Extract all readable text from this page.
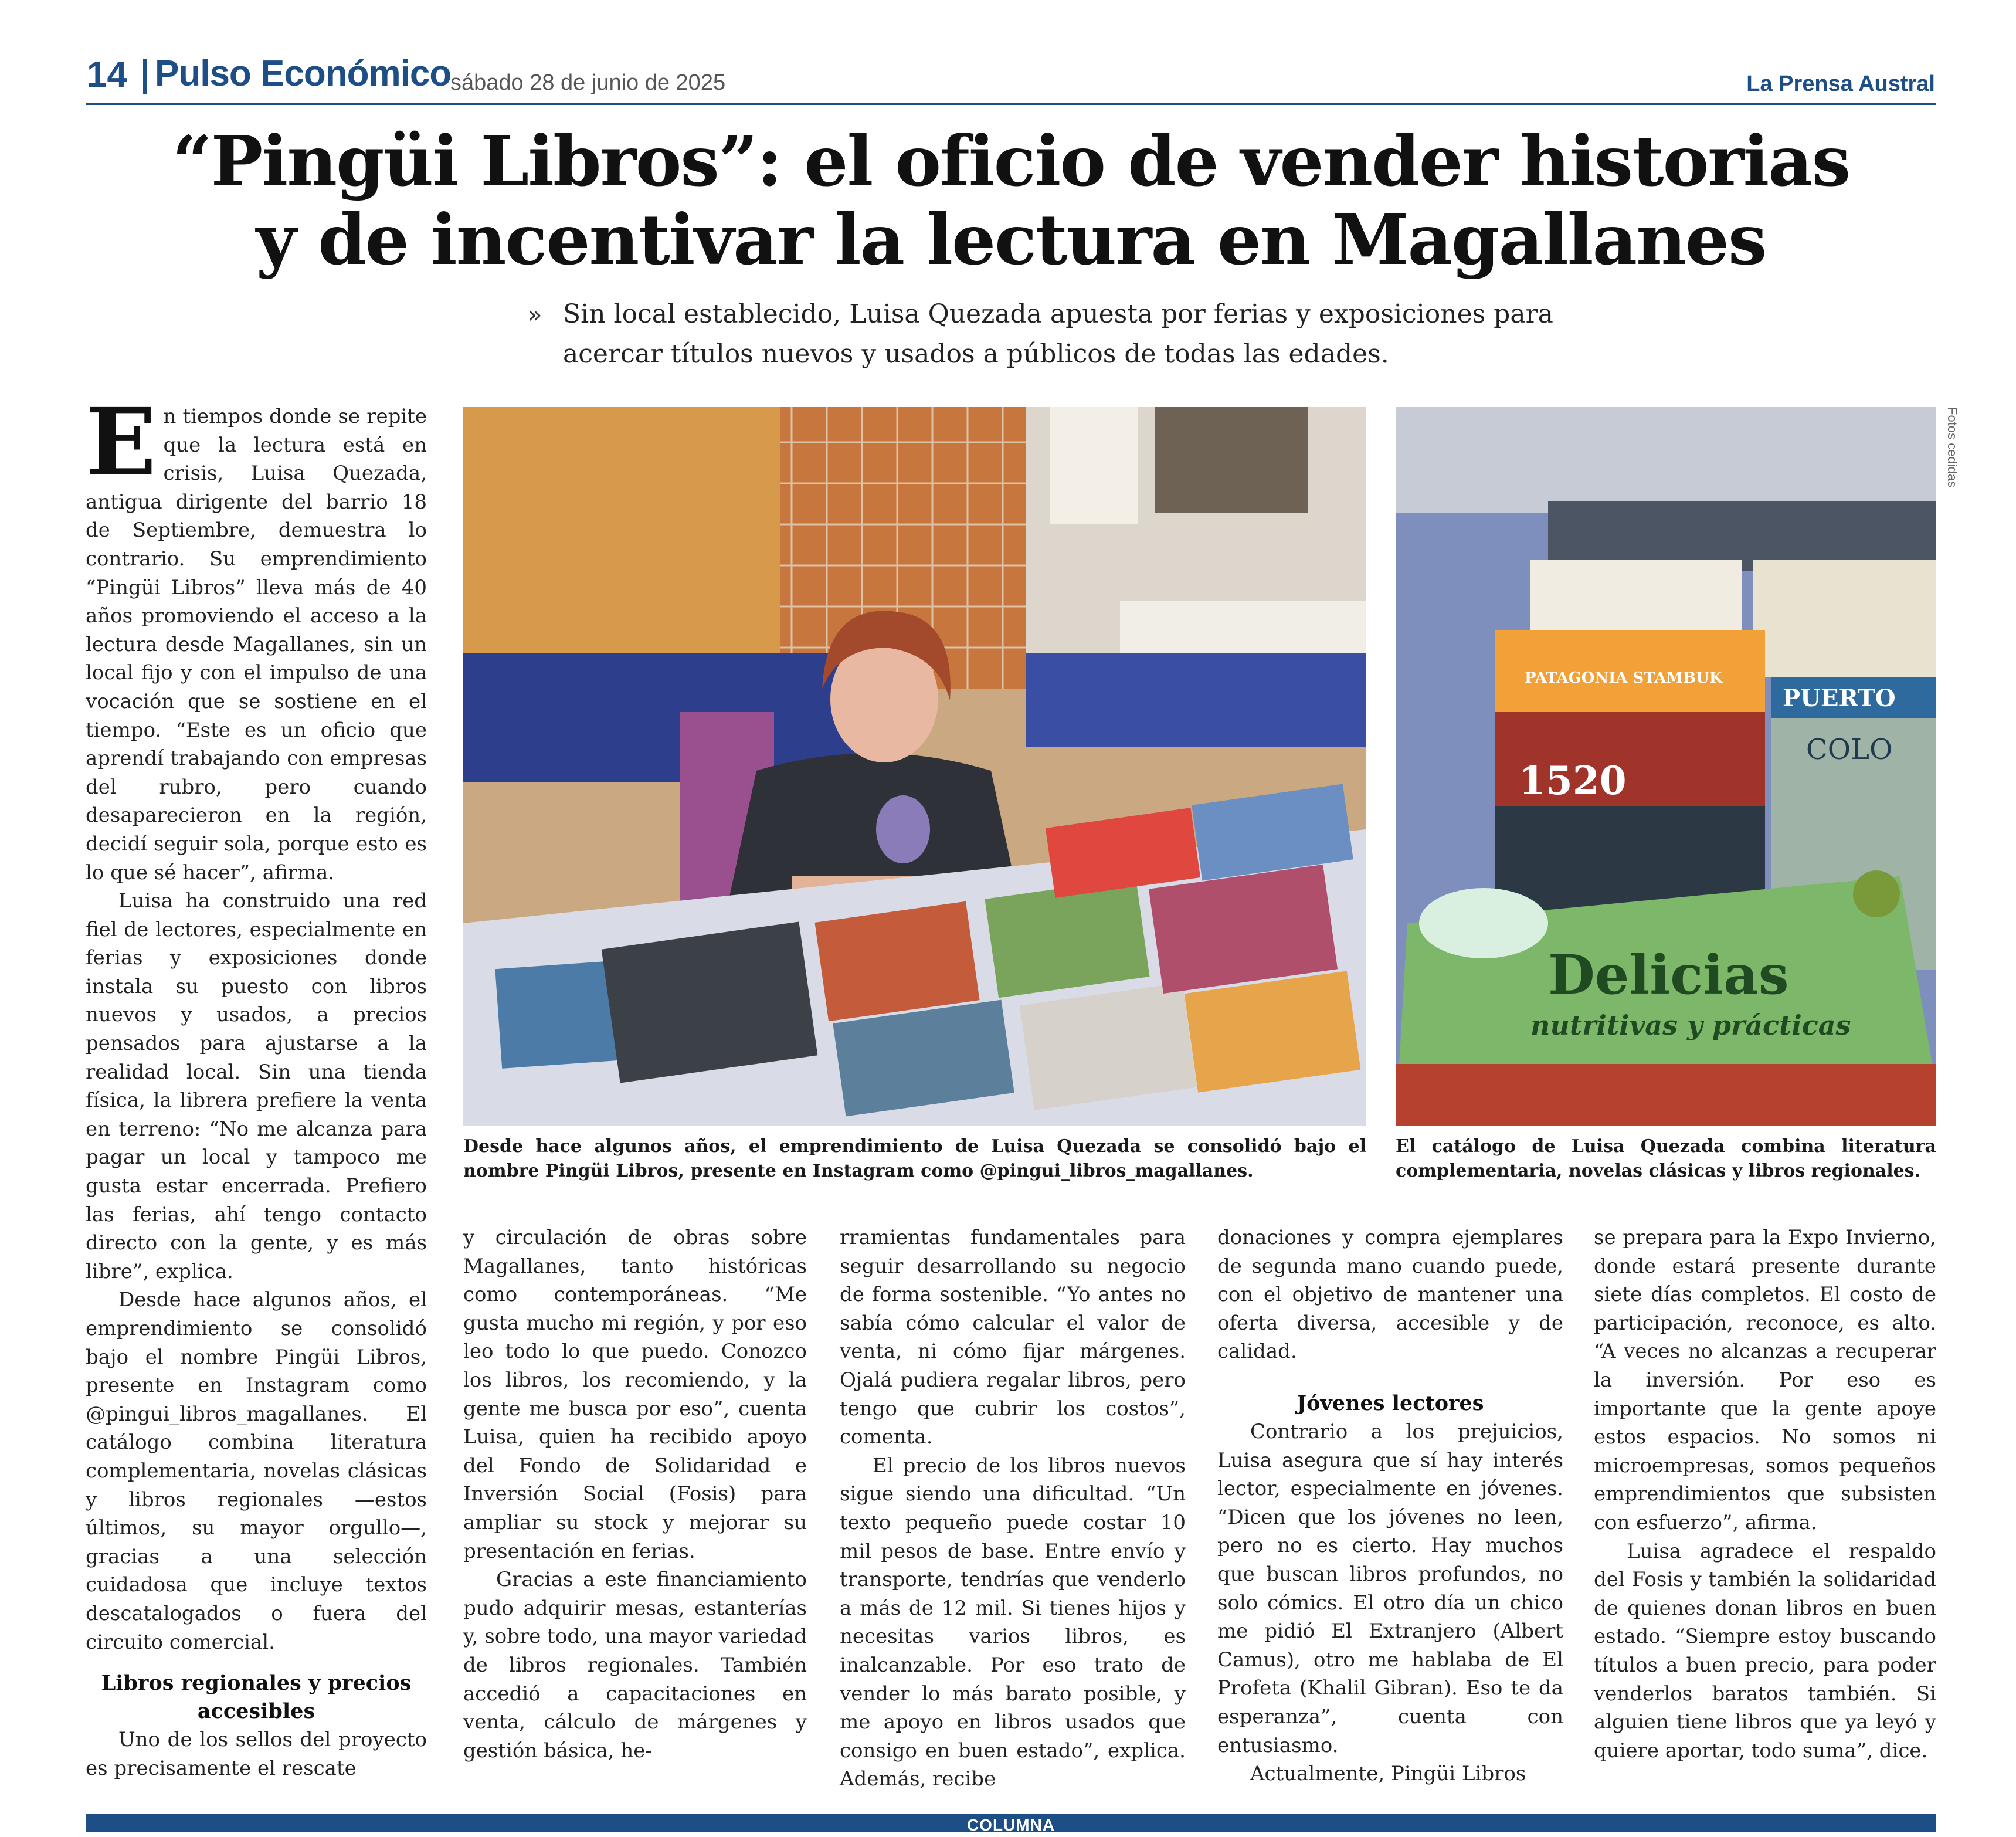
14 Pulso Económico
sábado 28 de junio de 2025	La Prensa Austral
“Pingüi Libros”: el oficio de vender historias
y de incentivar la lectura en Magallanes
» Sin local establecido, Luisa Quezada apuesta por ferias y exposiciones para acercar títulos nuevos y usados a públicos de todas las edades.

En tiempos donde se repite que la lectura está en crisis, Luisa Quezada, antigua dirigente del barrio 18 de Septiembre, demuestra lo contrario. Su emprendimiento “Pingüi Libros” lleva más de 40 años promoviendo el acceso a la lectura desde Magallanes, sin un local fijo y con el impulso de una vocación que se sostiene en el tiempo. “Este es un oficio que aprendí trabajando con empresas del rubro, pero cuando desaparecieron en la región, decidí seguir sola, porque esto es lo que sé hacer”, afirma.

Luisa ha construido una red fiel de lectores, especialmente en ferias y exposiciones donde instala su puesto con libros nuevos y usados, a precios pensados para ajustarse a la realidad local. Sin una tienda física, la librera prefiere la venta en terreno: “No me alcanza para pagar un local y tampoco me gusta estar encerrada. Prefiero las ferias, ahí tengo contacto directo con la gente, y es más libre”, explica.

Desde hace algunos años, el emprendimiento se consolidó bajo el nombre Pingüi Libros, presente en Instagram como @pingui_libros_magallanes. El catálogo combina literatura complementaria, novelas clásicas y libros regionales —estos últimos, su mayor orgullo—, gracias a una selección cuidadosa que incluye textos descatalogados o fuera del circuito comercial.

Libros regionales y precios accesibles

Uno de los sellos del proyecto es precisamente el rescate

PATAGONIA STAMBUK
1520
PUERTO
COLO
Delicias
nutritivas y prácticas
Fotos cedidas
Desde hace algunos años, el emprendimiento de Luisa Quezada se consolidó bajo el nombre Pingüi Libros, presente en Instagram como @pingui_libros_magallanes.
El catálogo de Luisa Quezada combina literatura complementaria, novelas clásicas y libros regionales.

y circulación de obras sobre Magallanes, tanto históricas como contemporáneas. “Me gusta mucho mi región, y por eso leo todo lo que puedo. Conozco los libros, los recomiendo, y la gente me busca por eso”, cuenta Luisa, quien ha recibido apoyo del Fondo de Solidaridad e Inversión Social (Fosis) para ampliar su stock y mejorar su presentación en ferias.

Gracias a este financiamiento pudo adquirir mesas, estanterías y, sobre todo, una mayor variedad de libros regionales. También accedió a capacitaciones en venta, cálculo de márgenes y gestión básica, he-

rramientas fundamentales para seguir desarrollando su negocio de forma sostenible. “Yo antes no sabía cómo calcular el valor de venta, ni cómo fijar márgenes. Ojalá pudiera regalar libros, pero tengo que cubrir los costos”, comenta.

El precio de los libros nuevos sigue siendo una dificultad. “Un texto pequeño puede costar 10 mil pesos de base. Entre envío y transporte, tendrías que venderlo a más de 12 mil. Si tienes hijos y necesitas varios libros, es inalcanzable. Por eso trato de vender lo más barato posible, y me apoyo en libros usados que consigo en buen estado”, explica. Además, recibe

donaciones y compra ejemplares de segunda mano cuando puede, con el objetivo de mantener una oferta diversa, accesible y de calidad.

Jóvenes lectores

Contrario a los prejuicios, Luisa asegura que sí hay interés lector, especialmente en jóvenes. “Dicen que los jóvenes no leen, pero no es cierto. Hay muchos que buscan libros profundos, no solo cómics. El otro día un chico me pidió El Extranjero (Albert Camus), otro me hablaba de El Profeta (Khalil Gibran). Eso te da esperanza”, cuenta con entusiasmo.

Actualmente, Pingüi Libros

se prepara para la Expo Invierno, donde estará presente durante siete días completos. El costo de participación, reconoce, es alto. “A veces no alcanzas a recuperar la inversión. Por eso es importante que la gente apoye estos espacios. No somos ni microempresas, somos pequeños emprendimientos que subsisten con esfuerzo”, afirma.

Luisa agradece el respaldo del Fosis y también la solidaridad de quienes donan libros en buen estado. “Siempre estoy buscando títulos a buen precio, para poder venderlos baratos también. Si alguien tiene libros que ya leyó y quiere aportar, todo suma”, dice.

COLUMNA
